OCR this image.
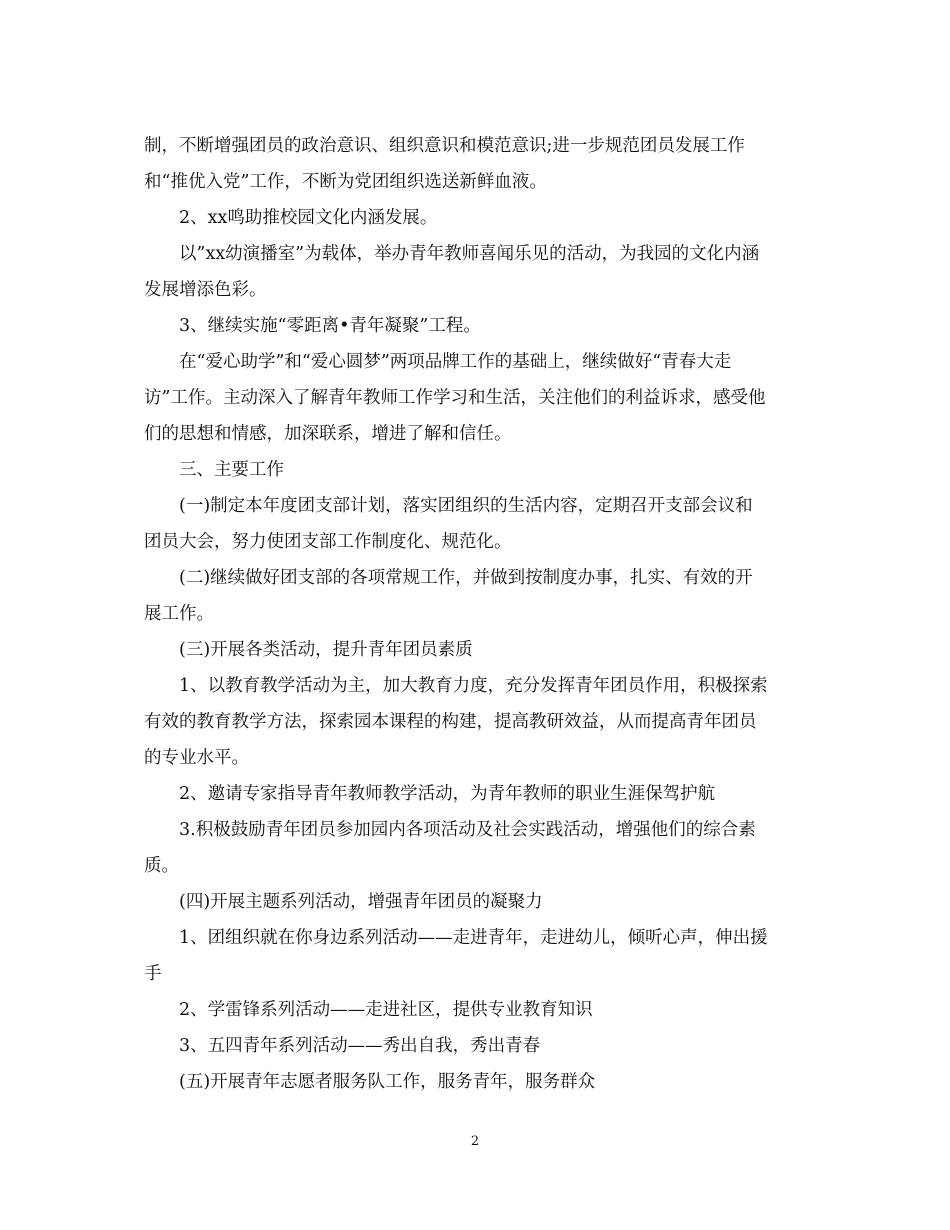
制，不断增强团员的政治意识、组织意识和模范意识;进一步规范团员发展工作
和“推优入党”工作，不断为党团组织选送新鲜血液。
2、xx鸣助推校园文化内涵发展。
以”xx幼演播室”为载体，举办青年教师喜闻乐见的活动，为我园的文化内涵
发展增添色彩。
3、继续实施“零距离•青年凝聚”工程。
在“爱心助学”和“爱心圆梦”两项品牌工作的基础上，继续做好“青春大走
访”工作。主动深入了解青年教师工作学习和生活，关注他们的利益诉求，感受他
们的思想和情感，加深联系，增进了解和信任。
三、主要工作
(一)制定本年度团支部计划，落实团组织的生活内容，定期召开支部会议和
团员大会，努力使团支部工作制度化、规范化。
(二)继续做好团支部的各项常规工作，并做到按制度办事，扎实、有效的开
展工作。
(三)开展各类活动，提升青年团员素质
1、以教育教学活动为主，加大教育力度，充分发挥青年团员作用，积极探索
有效的教育教学方法，探索园本课程的构建，提高教研效益，从而提高青年团员
的专业水平。
2、邀请专家指导青年教师教学活动，为青年教师的职业生涯保驾护航
3.积极鼓励青年团员参加园内各项活动及社会实践活动，增强他们的综合素
质。
(四)开展主题系列活动，增强青年团员的凝聚力
1、团组织就在你身边系列活动——走进青年，走进幼儿，倾听心声，伸出援
手
2、学雷锋系列活动——走进社区，提供专业教育知识
3、五四青年系列活动——秀出自我，秀出青春
(五)开展青年志愿者服务队工作，服务青年，服务群众
2
